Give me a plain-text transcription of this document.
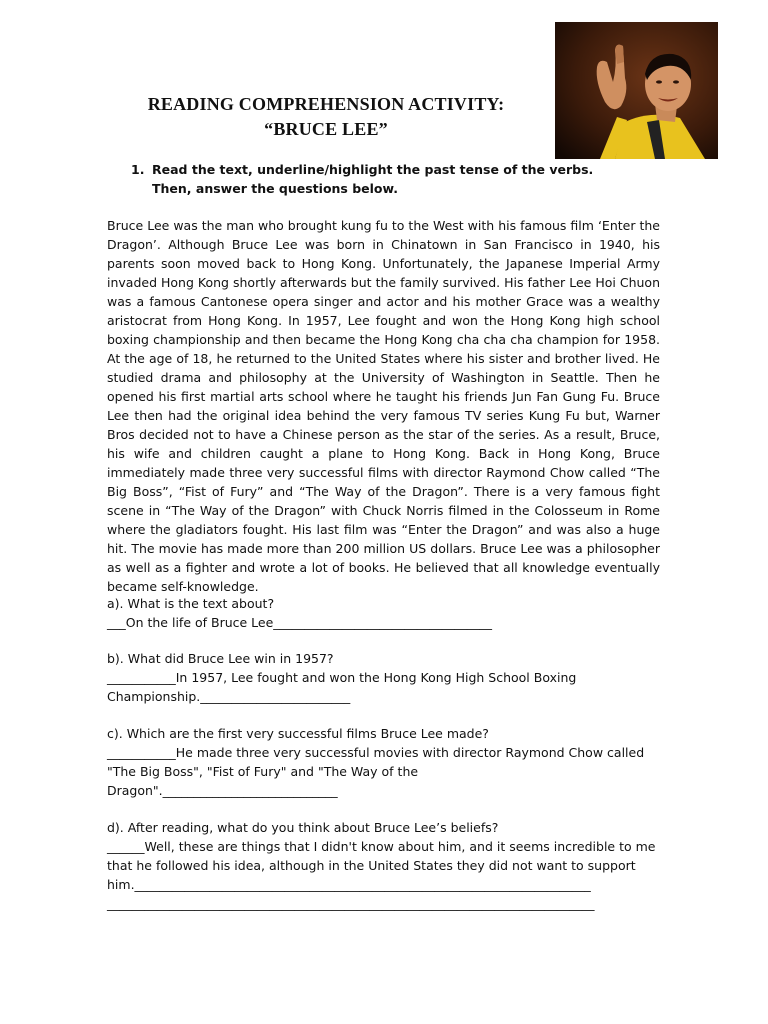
READING COMPREHENSION ACTIVITY:
“BRUCE LEE”
1. Read the text, underline/highlight the past tense of the verbs.
Then, answer the questions below.
Bruce Lee was the man who brought kung fu to the West with his famous film ‘Enter the Dragon’. Although Bruce Lee was born in Chinatown in San Francisco in 1940, his parents soon moved back to Hong Kong. Unfortunately, the Japanese Imperial Army invaded Hong Kong shortly afterwards but the family survived. His father Lee Hoi Chuon was a famous Cantonese opera singer and actor and his mother Grace was a wealthy aristocrat from Hong Kong. In 1957, Lee fought and won the Hong Kong high school boxing championship and then became the Hong Kong cha cha cha champion for 1958. At the age of 18, he returned to the United States where his sister and brother lived. He studied drama and philosophy at the University of Washington in Seattle. Then he opened his first martial arts school where he taught his friends Jun Fan Gung Fu. Bruce Lee then had the original idea behind the very famous TV series Kung Fu but, Warner Bros decided not to have a Chinese person as the star of the series. As a result, Bruce, his wife and children caught a plane to Hong Kong. Back in Hong Kong, Bruce immediately made three very successful films with director Raymond Chow called “The Big Boss”, “Fist of Fury” and “The Way of the Dragon”. There is a very famous fight scene in “The Way of the Dragon” with Chuck Norris filmed in the Colosseum in Rome where the gladiators fought. His last film was “Enter the Dragon” and was also a huge hit. The movie has made more than 200 million US dollars. Bruce Lee was a philosopher as well as a fighter and wrote a lot of books. He believed that all knowledge eventually became self-knowledge.
a). What is the text about?
___On the life of Bruce Lee___________________________________
b). What did Bruce Lee win in 1957?
___________In 1957, Lee fought and won the Hong Kong High School Boxing
Championship.________________________
c). Which are the first very successful films Bruce Lee made?
___________He made three very successful movies with director Raymond Chow called
"The Big Boss", "Fist of Fury" and "The Way of the
Dragon".____________________________
d). After reading, what do you think about Bruce Lee’s beliefs?
______Well, these are things that I didn't know about him, and it seems incredible to me
that he followed his idea, although in the United States they did not want to support
him._________________________________________________________________________
______________________________________________________________________________
